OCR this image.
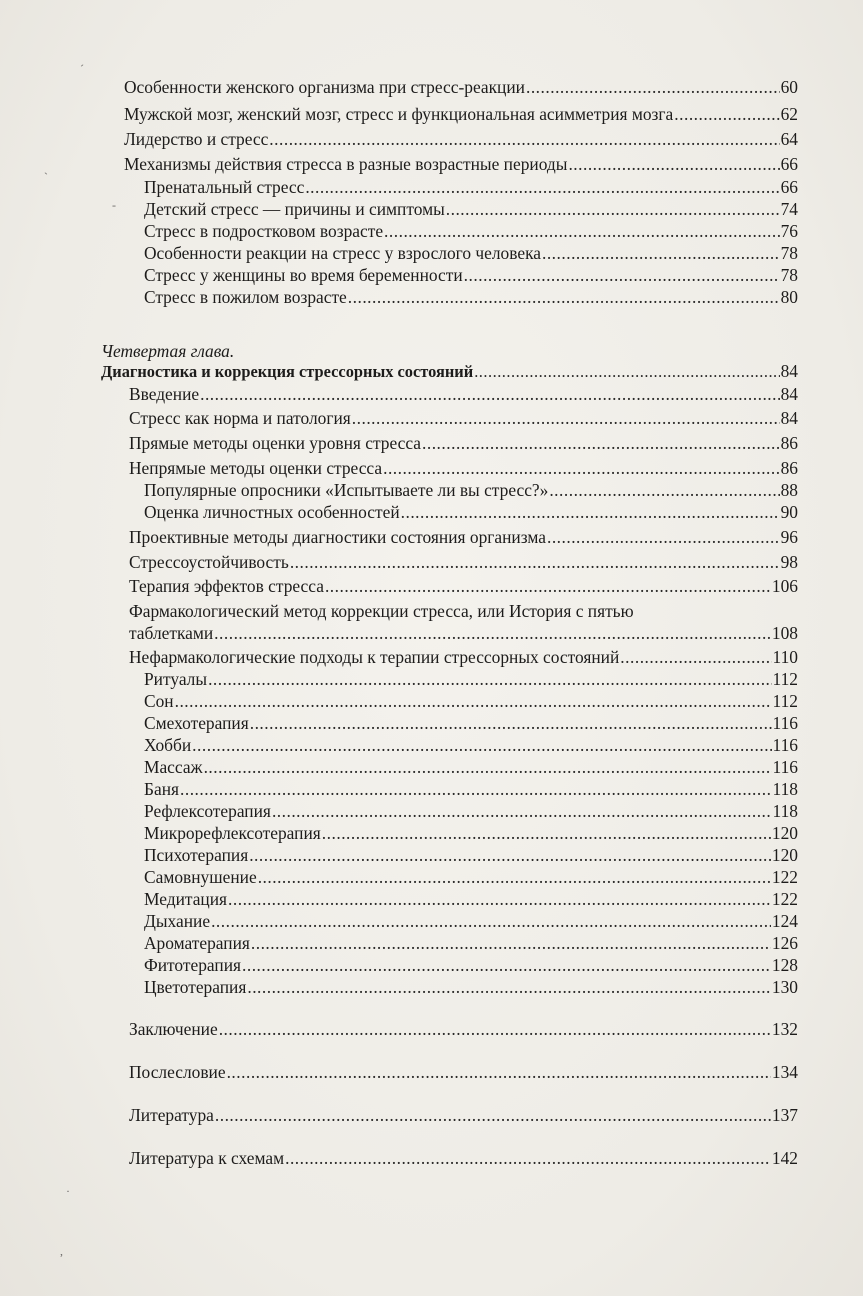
Особенности женского организма при стресс-реакции .....	60
Мужской мозг, женский мозг, стресс и функциональная асимметрия мозга .....	62
Лидерство и стресс .....	64
Механизмы действия стресса в разные возрастные периоды .....	66
Пренатальный стресс .....	66
Детский стресс — причины и симптомы .....	74
Стресс в подростковом возрасте .....	76
Особенности реакции на стресс у взрослого человека .....	78
Стресс у женщины во время беременности .....	78
Стресс в пожилом возрасте .....	80
Четвертая глава.
Диагностика и коррекция стрессорных состояний .....	84
Введение .....	84
Стресс как норма и патология .....	84
Прямые методы оценки уровня стресса .....	86
Непрямые методы оценки стресса .....	86
Популярные опросники «Испытываете ли вы стресс?» .....	88
Оценка личностных особенностей .....	90
Проективные методы диагностики состояния организма .....	96
Стрессоустойчивость .....	98
Терапия эффектов стресса .....	106
Фармакологический метод коррекции стресса, или История с пятью
таблетками .....	108
Нефармакологические подходы к терапии стрессорных состояний .....	110
Ритуалы .....	112
Сон .....	112
Смехотерапия .....	116
Хобби .....	116
Массаж .....	116
Баня .....	118
Рефлексотерапия .....	118
Микрорефлексотерапия .....	120
Психотерапия .....	120
Самовнушение .....	122
Медитация .....	122
Дыхание .....	124
Ароматерапия .....	126
Фитотерапия .....	128
Цветотерапия .....	130
Заключение .....	132
Послесловие .....	134
Литература .....	137
Литература к схемам .....	142
´
`
‐
·
,
